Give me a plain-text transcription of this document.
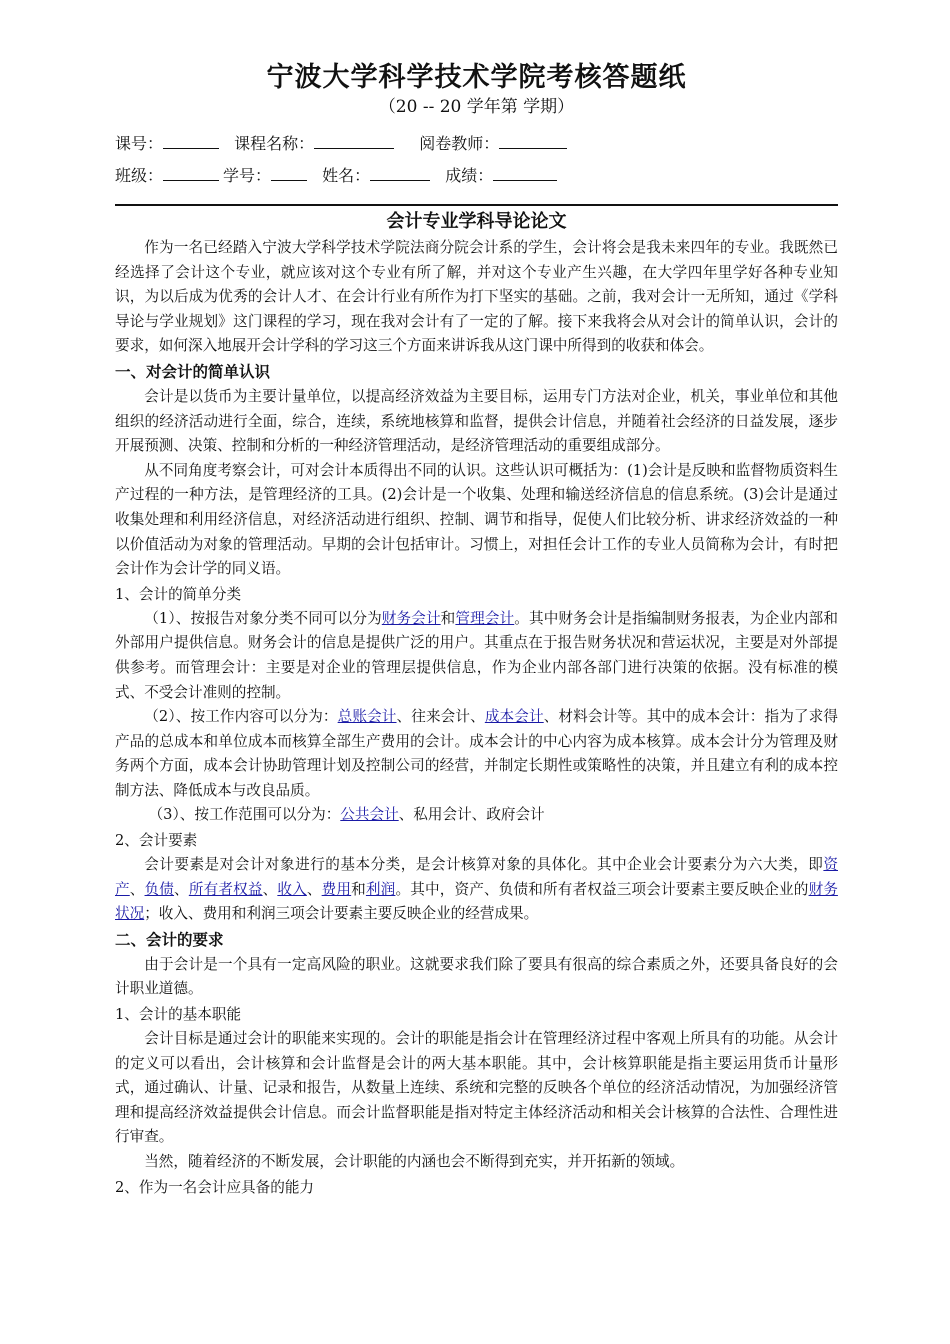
宁波大学科学技术学院考核答题纸
（20 -- 20 学年第 学期）
课号：	课程名称：	阅卷教师：
班级：	学号：	姓名：	成绩：
会计专业学科导论论文

作为一名已经踏入宁波大学科学技术学院法商分院会计系的学生，会计将会是我未来四年的专业。我既然已经选择了会计这个专业，就应该对这个专业有所了解，并对这个专业产生兴趣，在大学四年里学好各种专业知识，为以后成为优秀的会计人才、在会计行业有所作为打下坚实的基础。之前，我对会计一无所知，通过《学科导论与学业规划》这门课程的学习，现在我对会计有了一定的了解。接下来我将会从对会计的简单认识，会计的要求，如何深入地展开会计学科的学习这三个方面来讲诉我从这门课中所得到的收获和体会。

一、对会计的简单认识

会计是以货币为主要计量单位，以提高经济效益为主要目标，运用专门方法对企业，机关，事业单位和其他组织的经济活动进行全面，综合，连续，系统地核算和监督，提供会计信息，并随着社会经济的日益发展，逐步开展预测、决策、控制和分析的一种经济管理活动，是经济管理活动的重要组成部分。

从不同角度考察会计，可对会计本质得出不同的认识。这些认识可概括为：(1)会计是反映和监督物质资料生产过程的一种方法，是管理经济的工具。(2)会计是一个收集、处理和输送经济信息的信息系统。(3)会计是通过收集处理和利用经济信息，对经济活动进行组织、控制、调节和指导，促使人们比较分析、讲求经济效益的一种以价值活动为对象的管理活动。早期的会计包括审计。习惯上，对担任会计工作的专业人员简称为会计，有时把会计作为会计学的同义语。

1、会计的简单分类

（1）、按报告对象分类不同可以分为财务会计和管理会计。其中财务会计是指编制财务报表，为企业内部和外部用户提供信息。财务会计的信息是提供广泛的用户。其重点在于报告财务状况和营运状况，主要是对外部提供参考。而管理会计：主要是对企业的管理层提供信息，作为企业内部各部门进行决策的依据。没有标准的模式、不受会计准则的控制。

（2）、按工作内容可以分为：总账会计、往来会计、成本会计、材料会计等。其中的成本会计：指为了求得产品的总成本和单位成本而核算全部生产费用的会计。成本会计的中心内容为成本核算。成本会计分为管理及财务两个方面，成本会计协助管理计划及控制公司的经营，并制定长期性或策略性的决策，并且建立有利的成本控制方法、降低成本与改良品质。

（3）、按工作范围可以分为：公共会计、私用会计、政府会计

2、会计要素

会计要素是对会计对象进行的基本分类，是会计核算对象的具体化。其中企业会计要素分为六大类，即资产、负债、所有者权益、收入、费用和利润。其中，资产、负债和所有者权益三项会计要素主要反映企业的财务状况；收入、费用和利润三项会计要素主要反映企业的经营成果。

二、会计的要求

由于会计是一个具有一定高风险的职业。这就要求我们除了要具有很高的综合素质之外，还要具备良好的会计职业道德。

1、会计的基本职能

会计目标是通过会计的职能来实现的。会计的职能是指会计在管理经济过程中客观上所具有的功能。从会计的定义可以看出，会计核算和会计监督是会计的两大基本职能。其中，会计核算职能是指主要运用货币计量形式，通过确认、计量、记录和报告，从数量上连续、系统和完整的反映各个单位的经济活动情况，为加强经济管理和提高经济效益提供会计信息。而会计监督职能是指对特定主体经济活动和相关会计核算的合法性、合理性进行审查。

当然，随着经济的不断发展，会计职能的内涵也会不断得到充实，并开拓新的领域。

2、作为一名会计应具备的能力
